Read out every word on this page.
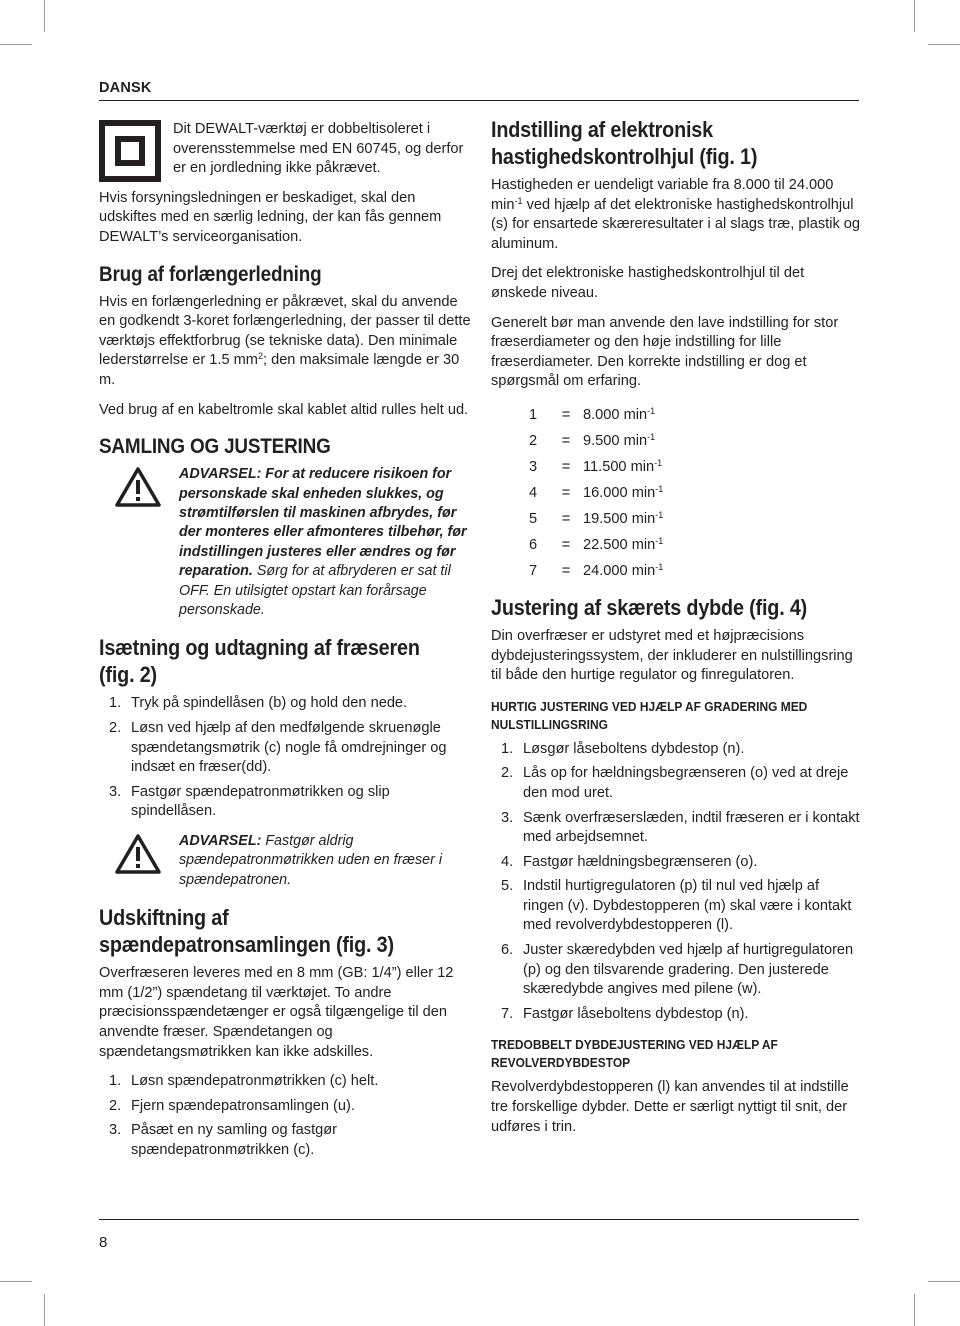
DANSK

Dit DEWALT-værktøj er dobbeltisoleret i overensstemmelse med EN 60745, og derfor er en jordledning ikke påkrævet.

Hvis forsyningsledningen er beskadiget, skal den udskiftes med en særlig ledning, der kan fås gennem DEWALT’s serviceorganisation.

Brug af forlængerledning

Hvis en forlængerledning er påkrævet, skal du anvende en godkendt 3-koret forlængerledning, der passer til dette værktøjs effektforbrug (se tekniske data). Den minimale lederstørrelse er 1.5 $mm^2$; den maksimale længde er 30 m.

Ved brug af en kabeltromle skal kablet altid rulles helt ud.

SAMLING OG JUSTERING
ADVARSEL: For at reducere risikoen for personskade skal enheden slukkes, og strømtilførslen til maskinen afbrydes, før der monteres eller afmonteres tilbehør, før indstillingen justeres eller ændres og før reparation. Sørg for at afbryderen er sat til OFF. En utilsigtet opstart kan forårsage personskade.
Isætning og udtagning af fræseren (fig. 2)
1. Tryk på spindellåsen (b) og hold den nede.
2. Løsn ved hjælp af den medfølgende skruenøgle spændetangsmøtrik (c) nogle få omdrejninger og indsæt en fræser(dd).
3. Fastgør spændepatronmøtrikken og slip spindellåsen.
ADVARSEL: Fastgør aldrig spændepatronmøtrikken uden en fræser i spændepatronen.
Udskiftning af spændepatronsamlingen (fig. 3)

Overfræseren leveres med en 8 mm (GB: 1/4”) eller 12 mm (1/2”) spændetang til værktøjet. To andre præcisionsspændetænger er også tilgængelige til den anvendte fræser. Spændetangen og spændetangsmøtrikken kan ikke adskilles.

1. Løsn spændepatronmøtrikken (c) helt.
2. Fjern spændepatronsamlingen (u).
3. Påsæt en ny samling og fastgør spændepatronmøtrikken (c).
Indstilling af elektronisk hastighedskontrolhjul (fig. 1)

Hastigheden er uendeligt variable fra 8.000 til 24.000 $\min^{-1}$ ved hjælp af det elektroniske hastighedskontrolhjul (s) for ensartede skæreresultater i al slags træ, plastik og aluminum.

Drej det elektroniske hastighedskontrolhjul til det ønskede niveau.

Generelt bør man anvende den lave indstilling for stor fræserdiameter og den høje indstilling for lille fræserdiameter. Den korrekte indstilling er dog et spørgsmål om erfaring.

1	= 8.000 $\min^{-1}$
2	= 9.500 $\min^{-1}$
3	= 11.500 $\min^{-1}$
4	= 16.000 $\min^{-1}$
5	= 19.500 $\min^{-1}$
6	= 22.500 $\min^{-1}$
7	= 24.000 $\min^{-1}$
Justering af skærets dybde (fig. 4)

Din overfræser er udstyret med et højpræcisions dybdejusteringssystem, der inkluderer en nulstillingsring til både den hurtige regulator og finregulatoren.

HURTIG JUSTERING VED HJÆLP AF GRADERING MED NULSTILLINGSRING
1. Løsgør låseboltens dybdestop (n).
2. Lås op for hældningsbegrænseren (o) ved at dreje den mod uret.
3. Sænk overfræserslæden, indtil fræseren er i kontakt med arbejdsemnet.
4. Fastgør hældningsbegrænseren (o).
5. Indstil hurtigregulatoren (p) til nul ved hjælp af ringen (v). Dybdestopperen (m) skal være i kontakt med revolverdybdestopperen (l).
6. Juster skæredybden ved hjælp af hurtigregulatoren (p) og den tilsvarende gradering. Den justerede skæredybde angives med pilene (w).
7. Fastgør låseboltens dybdestop (n).
TREDOBBELT DYBDEJUSTERING VED HJÆLP AF REVOLVERDYBDESTOP

Revolverdybdestopperen (l) kan anvendes til at indstille tre forskellige dybder. Dette er særligt nyttigt til snit, der udføres i trin.

8
